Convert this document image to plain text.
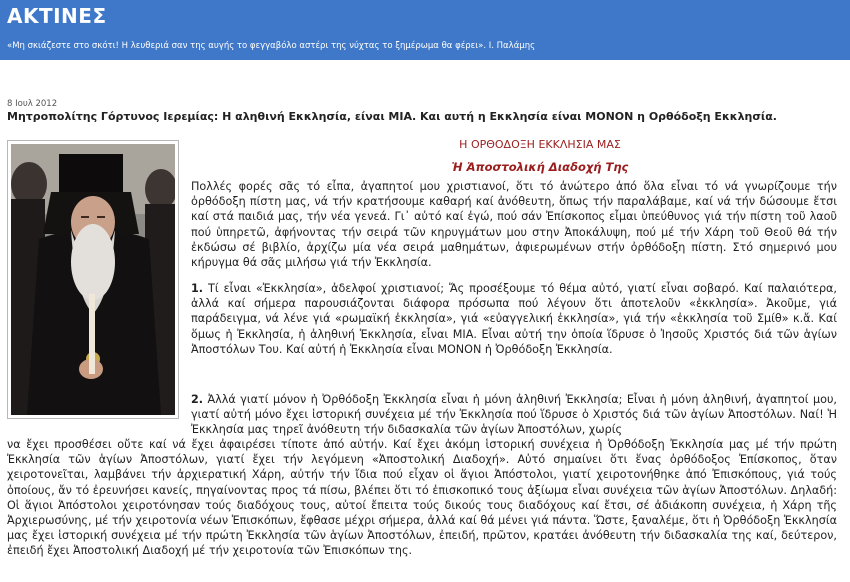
ΑΚΤΙΝΕΣ
«Μη σκιάζεστε στο σκότι! Η λευθεριά σαν της αυγής το φεγγαβόλο αστέρι της νύχτας το ξημέρωμα θα φέρει». Ι. Παλάμης
8 Ιουλ 2012
Μητροπολίτης Γόρτυνος Ιερεμίας: Η αληθινή Εκκλησία, είναι ΜΙΑ. Και αυτή η Εκκλησία είναι ΜΟΝΟΝ η Ορθόδοξη Εκκλησία.
Η ΟΡΘΟΔΟΞΗ ΕΚΚΛΗΣΙΑ ΜΑΣ
Ἡ Ἀποστολική Διαδοχή Της
Πολλές φορές σᾶς τό εἶπα, ἀγαπητοί μου χριστιανοί, ὅτι τό ἀνώτερο ἀπό ὅλα εἶναι τό νά γνωρίζουμε τήν ὀρθόδοξη πίστη μας, νά τήν κρατήσουμε καθαρή καί ἀνόθευτη, ὅπως τήν παραλάβαμε, καί νά τήν δώσουμε ἔτσι καί στά παιδιά μας, τήν νέα γενεά. Γι᾽ αὐτό καί ἐγώ, πού σάν Ἐπίσκοπος εἶμαι ὑπεύθυνος γιά τήν πίστη τοῦ λαοῦ πού ὑπηρετῶ, ἀφήνοντας τήν σειρά τῶν κηρυγμάτων μου στην Ἀποκάλυψη, πού μέ τήν Χάρη τοῦ Θεοῦ θά τήν ἐκδώσω σέ βιβλίο, ἀρχίζω μία νέα σειρά μαθημάτων, ἀφιερωμένων στήν ὀρθόδοξη πίστη. Στό σημερινό μου κήρυγμα θά σᾶς μιλήσω γιά τήν Ἐκκλησία.
1. Τί εἶναι «Ἐκκλησία», ἀδελφοί χριστιανοί; Ἄς προσέξουμε τό θέμα αὐτό, γιατί εἶναι σοβαρό. Καί παλαιότερα, ἀλλά καί σήμερα παρουσιάζονται διάφορα πρόσωπα πού λέγουν ὅτι ἀποτελοῦν «ἐκκλησία». Ἀκοῦμε, γιά παράδειγμα, νά λένε γιά «ρωμαϊκή ἐκκλησία», γιά «εὐαγγελική ἐκκλησία», γιά τήν «ἐκκλησία τοῦ Σμίθ» κ.ἄ. Καί ὅμως ἡ Ἐκκλησία, ἡ ἀληθινή Ἐκκλησία, εἶναι ΜΙΑ. Εἶναι αὐτή την ὁποία ἵδρυσε ὁ Ἰησοῦς Χριστός διά τῶν ἁγίων Ἀποστόλων Του. Καί αὐτή ἡ Ἐκκλησία εἶναι ΜΟΝΟΝ ἡ Ὀρθόδοξη Ἐκκλησία.
2. Ἀλλά γιατί μόνον ἡ Ὀρθόδοξη Ἐκκλησία εἶναι ἡ μόνη ἀληθινή Ἐκκλησία; Εἶναι ἡ μόνη ἀληθινή, ἀγαπητοί μου, γιατί αὐτή μόνο ἔχει ἱστορική συνέχεια μέ τήν Ἐκκλησία πού ἵδρυσε ὁ Χριστός διά τῶν ἁγίων Ἀποστόλων. Ναί! Ἡ Ἐκκλησία μας τηρεῖ ἀνόθευτη τήν διδασκαλία τῶν ἁγίων Ἀποστόλων, χωρίς
να ἔχει προσθέσει οὔτε καί νά ἔχει ἀφαιρέσει τίποτε ἀπό αὐτήν. Καί ἔχει ἀκόμη ἱστορική συνέχεια ἡ Ὀρθόδοξη Ἐκκλησία μας μέ τήν πρώτη Ἐκκλησία τῶν ἁγίων Ἀποστόλων, γιατί ἔχει τήν λεγόμενη «Ἀποστολική Διαδοχή». Αὐτό σημαίνει ὅτι ἕνας ὀρθόδοξος Ἐπίσκοπος, ὅταν χειροτονεῖται, λαμβάνει τήν ἀρχιερατική Χάρη, αὐτήν τήν ἴδια πού εἶχαν οἱ ἅγιοι Ἀπόστολοι, γιατί χειροτονήθηκε ἀπό Ἐπισκόπους, γιά τούς ὁποίους, ἄν τό ἐρευνήσει κανείς, πηγαίνοντας προς τά πίσω, βλέπει ὅτι τό ἐπισκοπικό τους ἀξίωμα εἶναι συνέχεια τῶν ἁγίων Ἀποστόλων. Δηλαδή: Οἱ ἅγιοι Ἀπόστολοι χειροτόνησαν τούς διαδόχους τους, αὐτοί ἔπειτα τούς δικούς τους διαδόχους καί ἔτσι, σέ ἀδιάκοπη συνέχεια, ἡ Χάρη τῆς Ἀρχιερωσύνης, μέ τήν χειροτονία νέων Ἐπισκόπων, ἔφθασε μέχρι σήμερα, ἀλλά καί θά μένει γιά πάντα. Ὥστε, ξαναλέμε, ὅτι ἡ Ὀρθόδοξη Ἐκκλησία μας ἔχει ἱστορική συνέχεια μέ τήν πρώτη Ἐκκλησία τῶν ἁγίων Ἀποστόλων, ἐπειδή, πρῶτον, κρατάει ἀνόθευτη τήν διδασκαλία της καί, δεύτερον, ἐπειδή ἔχει Ἀποστολική Διαδοχή μέ τήν χειροτονία τῶν Ἐπισκόπων της.
